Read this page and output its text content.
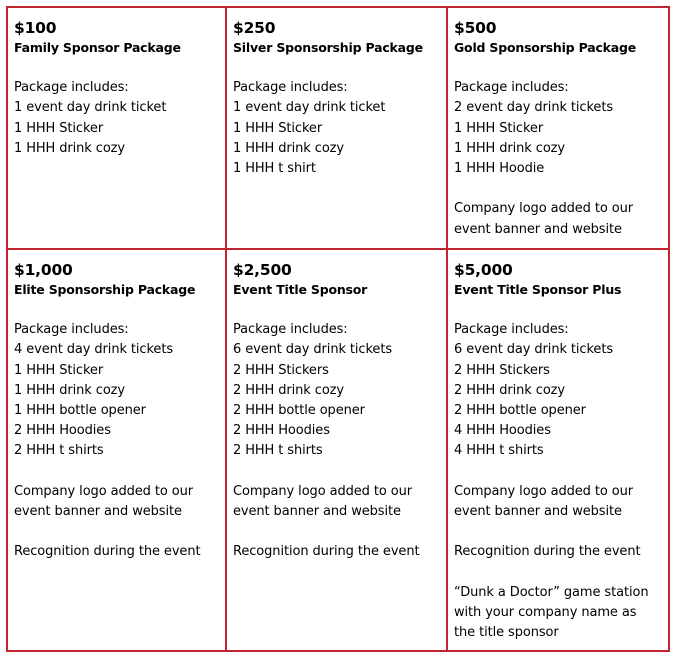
$100
Family Sponsor Package
Package includes:
1 event day drink ticket
1 HHH Sticker
1 HHH drink cozy
$250
Silver Sponsorship Package
Package includes:
1 event day drink ticket
1 HHH Sticker
1 HHH drink cozy
1 HHH t shirt
$500
Gold Sponsorship Package
Package includes:
2 event day drink tickets
1 HHH Sticker
1 HHH drink cozy
1 HHH Hoodie
Company logo added to our
event banner and website
$1,000
Elite Sponsorship Package
Package includes:
4 event day drink tickets
1 HHH Sticker
1 HHH drink cozy
1 HHH bottle opener
2 HHH Hoodies
2 HHH t shirts
Company logo added to our
event banner and website
Recognition during the event
$2,500
Event Title Sponsor
Package includes:
6 event day drink tickets
2 HHH Stickers
2 HHH drink cozy
2 HHH bottle opener
2 HHH Hoodies
2 HHH t shirts
Company logo added to our
event banner and website
Recognition during the event
$5,000
Event Title Sponsor Plus
Package includes:
6 event day drink tickets
2 HHH Stickers
2 HHH drink cozy
2 HHH bottle opener
4 HHH Hoodies
4 HHH t shirts
Company logo added to our
event banner and website
Recognition during the event
“Dunk a Doctor” game station
with your company name as
the title sponsor
